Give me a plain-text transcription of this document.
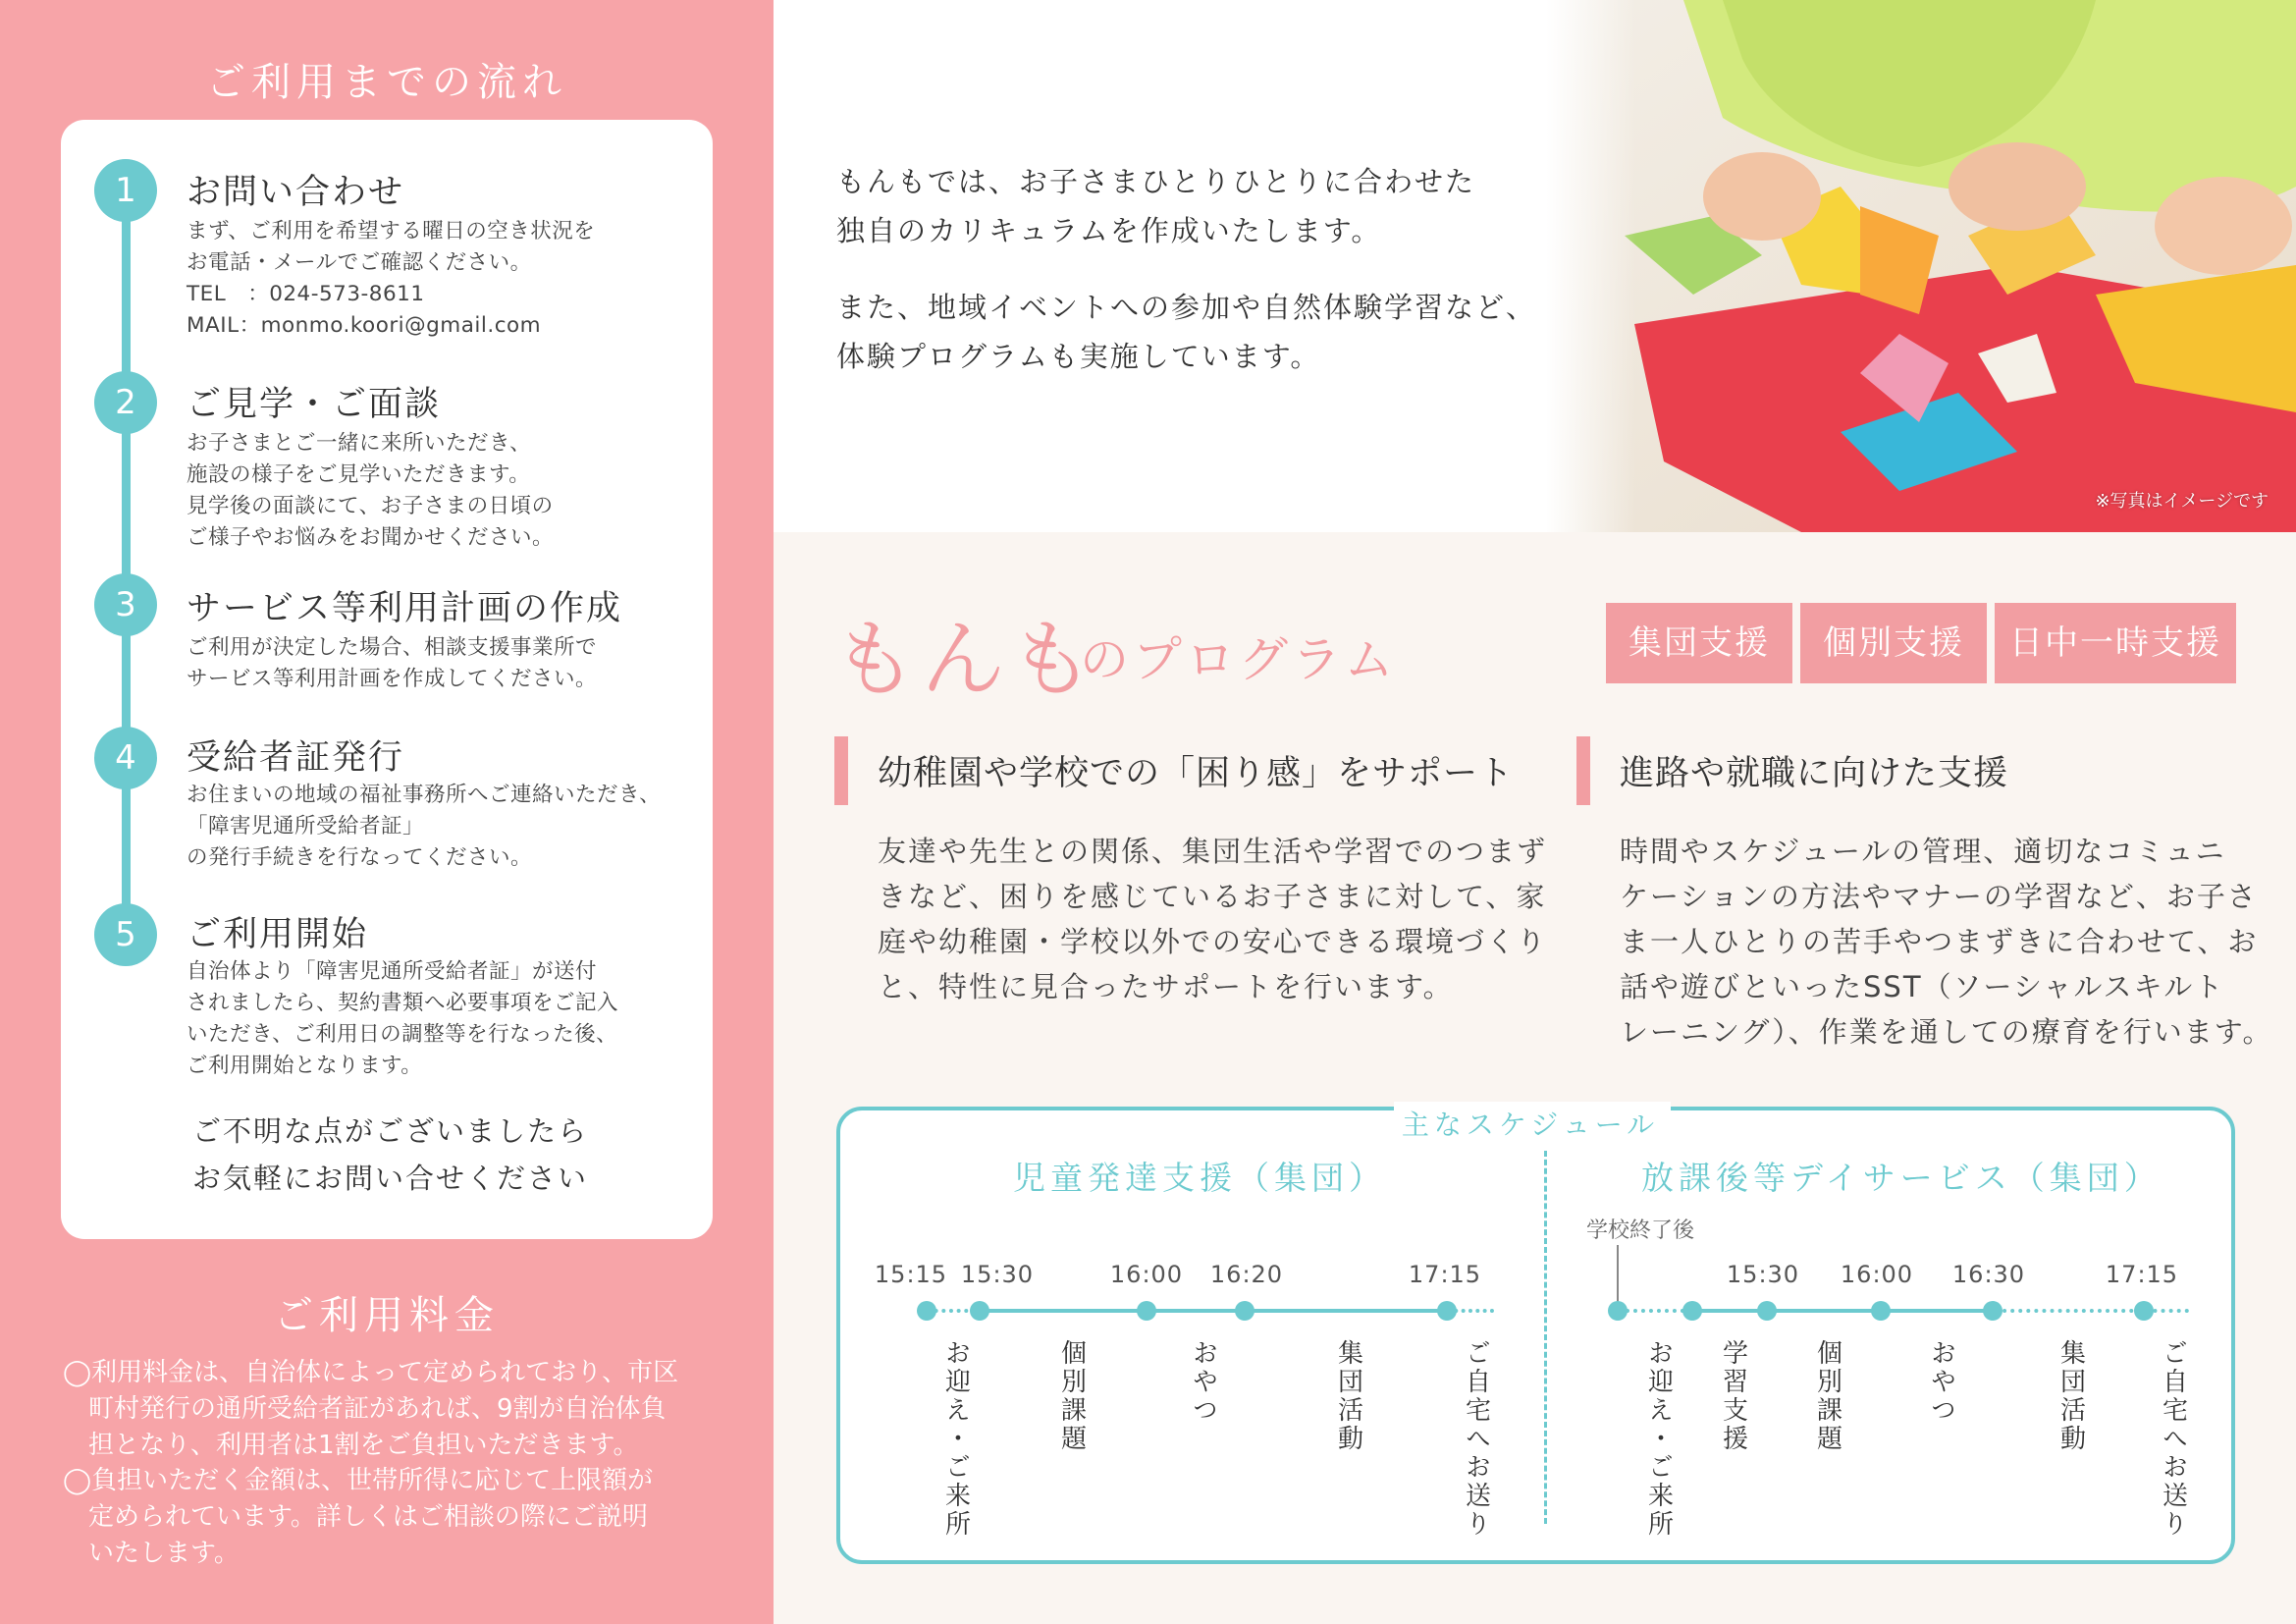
ご利用までの流れ
1	お問い合わせ
まず、ご利用を希望する曜日の空き状況を
お電話・メールでご確認ください。
TEL　：024-573-8611
MAIL：monmo.koori@gmail.com
2	ご見学・ご面談
お子さまとご一緒に来所いただき、
施設の様子をご見学いただきます。
見学後の面談にて、お子さまの日頃の
ご様子やお悩みをお聞かせください。
3	サービス等利用計画の作成
ご利用が決定した場合、相談支援事業所で
サービス等利用計画を作成してください。
4	受給者証発行
お住まいの地域の福祉事務所へご連絡いただき、
「障害児通所受給者証」
の発行手続きを行なってください。
5	ご利用開始
自治体より「障害児通所受給者証」が送付
されましたら、契約書類へ必要事項をご記入
いただき、ご利用日の調整等を行なった後、
ご利用開始となります。
ご不明な点がございましたら
お気軽にお問い合せください
ご利用料金
◯利用料金は、自治体によって定められており、市区
　町村発行の通所受給者証があれば、9割が自治体負
　担となり、利用者は1割をご負担いただきます。
◯負担いただく金額は、世帯所得に応じて上限額が
　定められています。詳しくはご相談の際にご説明
　いたします。
もんもでは、お子さまひとりひとりに合わせた
独自のカリキュラムを作成いたします。
また、地域イベントへの参加や自然体験学習など、
体験プログラムも実施しています。
※写真はイメージです
もんも
のプログラム	集団支援	個別支援	日中一時支援
幼稚園や学校での「困り感」をサポート
友達や先生との関係、集団生活や学習でのつまず
きなど、困りを感じているお子さまに対して、家
庭や幼稚園・学校以外での安心できる環境づくり
と、特性に見合ったサポートを行います。
進路や就職に向けた支援
時間やスケジュールの管理、適切なコミュニ
ケーションの方法やマナーの学習など、お子さ
ま一人ひとりの苦手やつまずきに合わせて、お
話や遊びといったSST（ソーシャルスキルト
レーニング）、作業を通しての療育を行います。
主なスケジュール
児童発達支援（集団）	放課後等デイサービス（集団）
学校終了後
15:15 15:30	16:00 16:20	17:15
お迎え・ご来所	個別課題	おやつ	集団活動	ご自宅へお送り
15:30 16:00 16:30	17:15
お迎え・ご来所 学習支援	個別課題	おやつ	集団活動	ご自宅へお送り
